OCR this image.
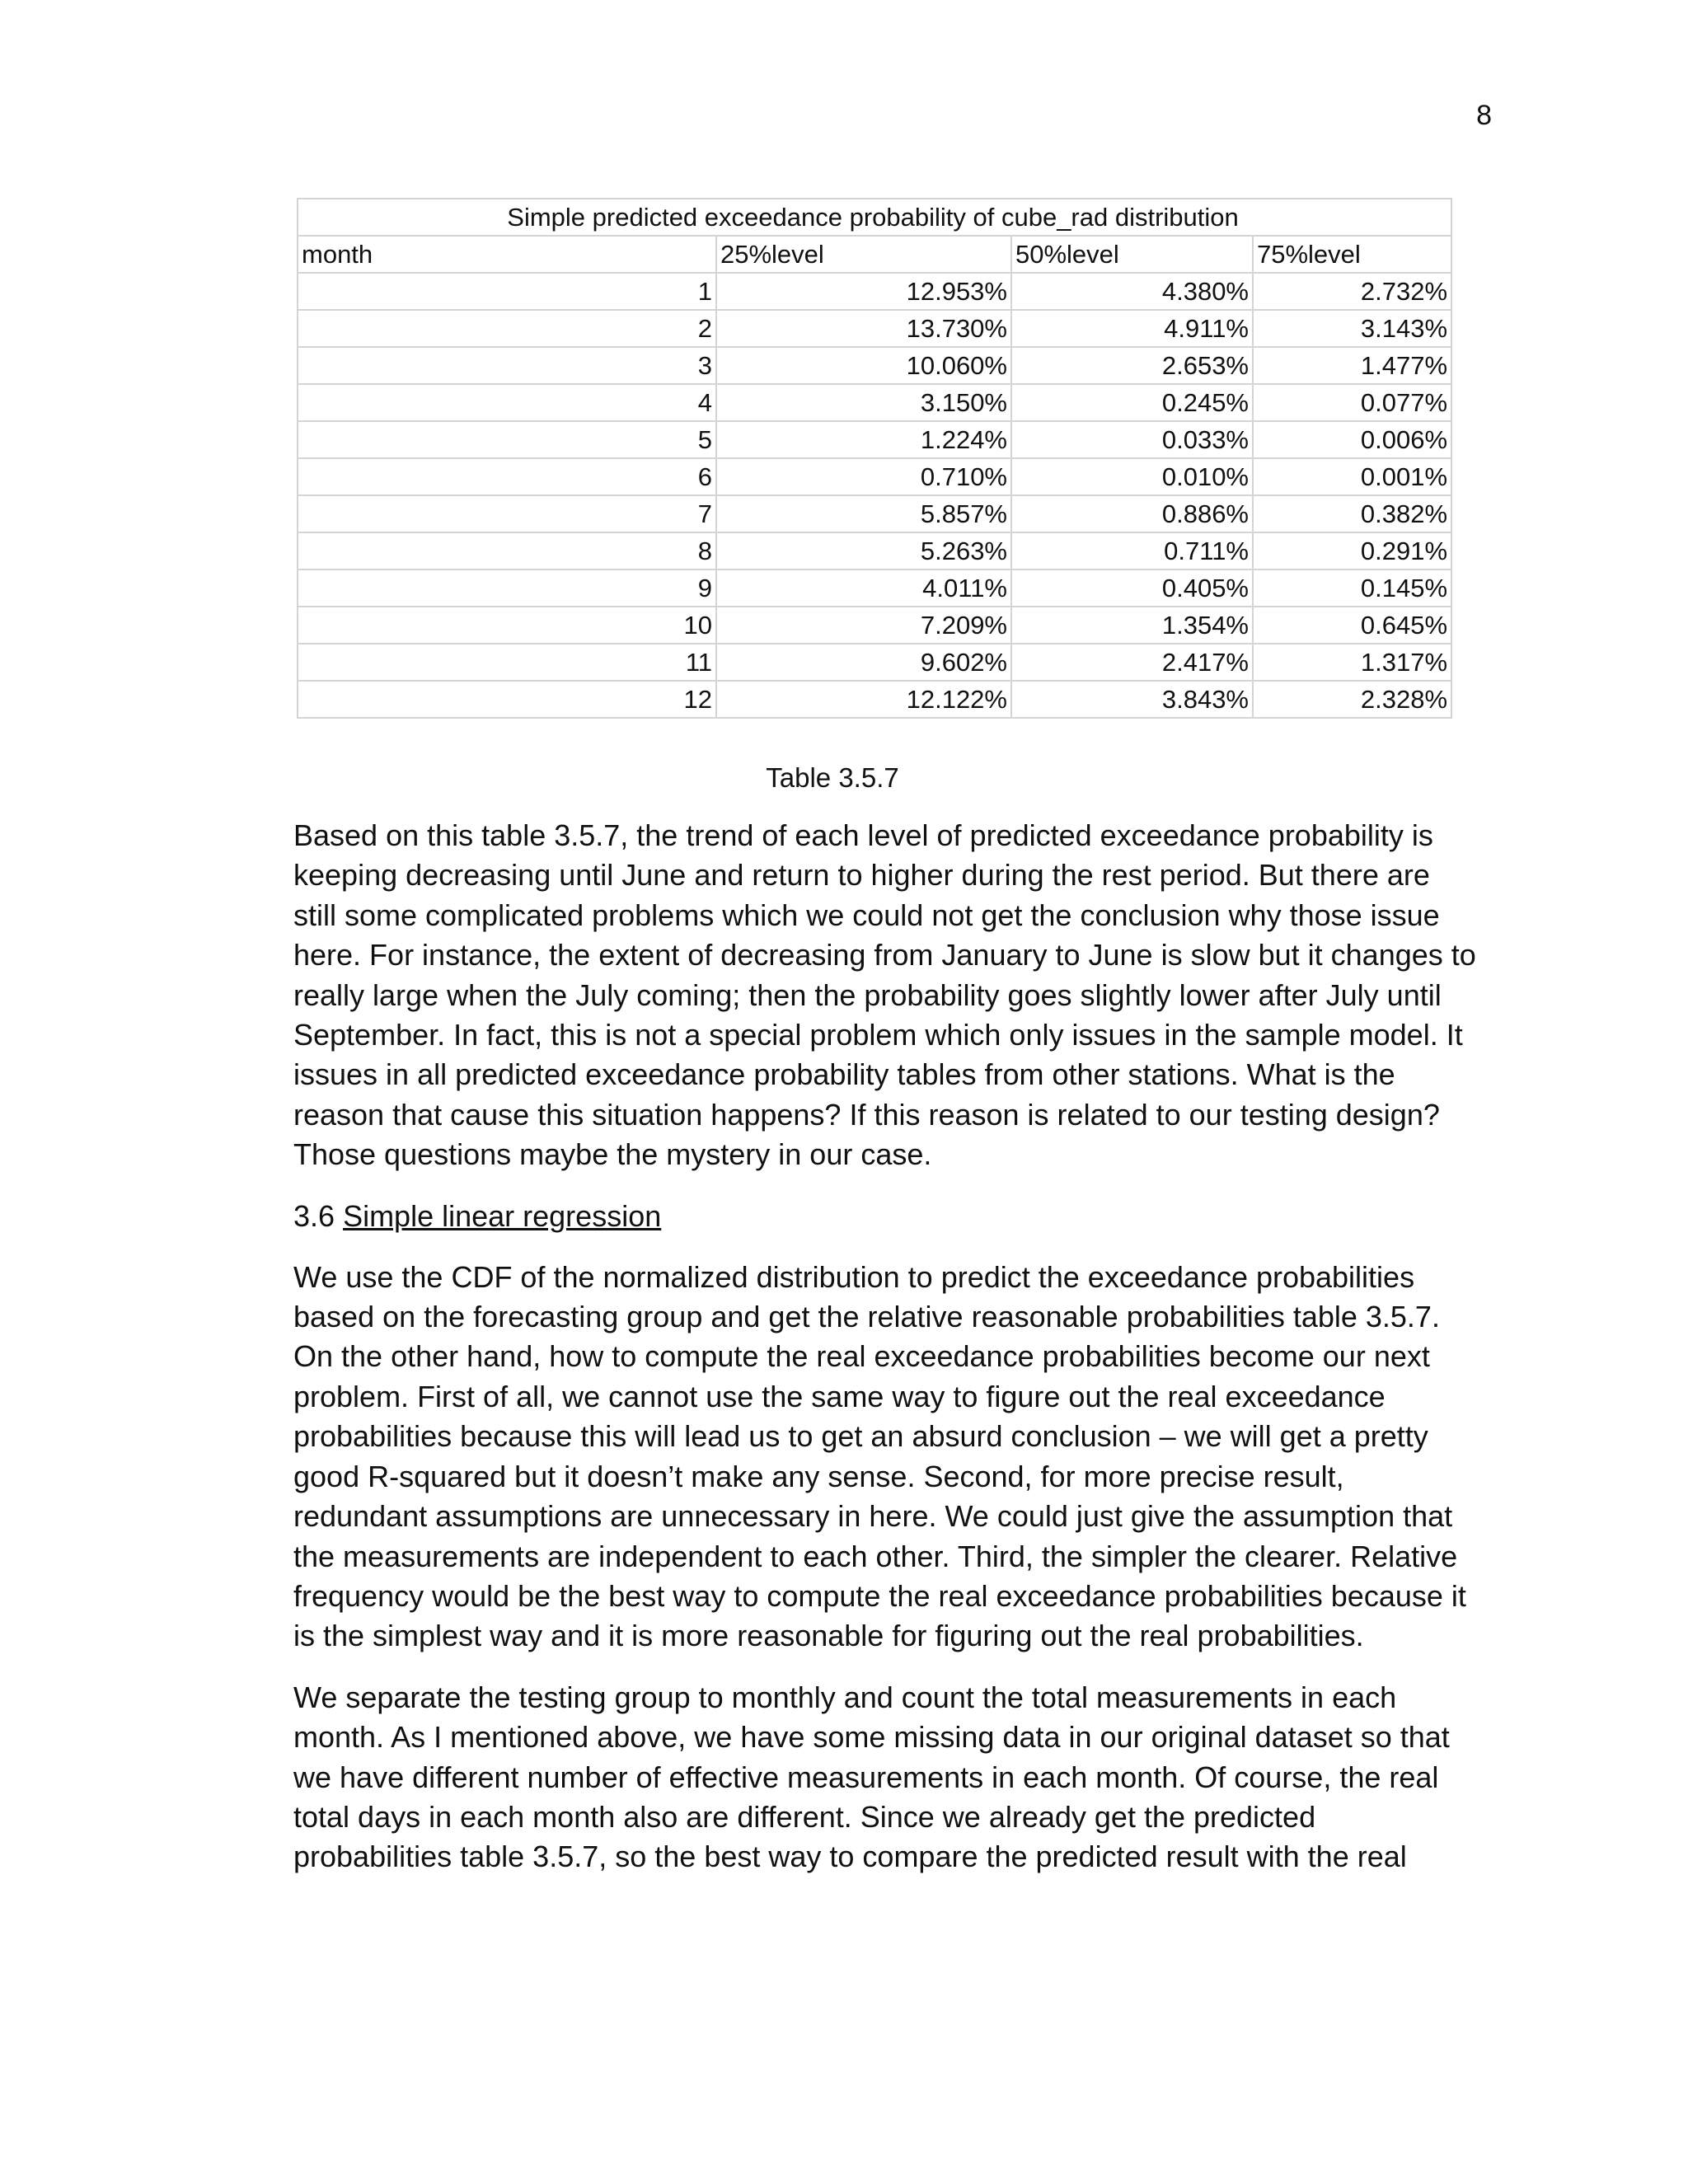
8
Simple predicted exceedance probability of cube_rad distribution			
month	25%level	50%level	75%level
1	12.953%	4.380%	2.732%
2	13.730%	4.911%	3.143%
3	10.060%	2.653%	1.477%
4	3.150%	0.245%	0.077%
5	1.224%	0.033%	0.006%
6	0.710%	0.010%	0.001%
7	5.857%	0.886%	0.382%
8	5.263%	0.711%	0.291%
9	4.011%	0.405%	0.145%
10	7.209%	1.354%	0.645%
11	9.602%	2.417%	1.317%
12	12.122%	3.843%	2.328%
Table 3.5.7

Based on this table 3.5.7, the trend of each level of predicted exceedance probability is keeping decreasing until June and return to higher during the rest period. But there are still some complicated problems which we could not get the conclusion why those issue here. For instance, the extent of decreasing from January to June is slow but it changes to really large when the July coming; then the probability goes slightly lower after July until September. In fact, this is not a special problem which only issues in the sample model. It issues in all predicted exceedance probability tables from other stations. What is the reason that cause this situation happens? If this reason is related to our testing design? Those questions maybe the mystery in our case.

3.6 Simple linear regression

We use the CDF of the normalized distribution to predict the exceedance probabilities based on the forecasting group and get the relative reasonable probabilities table 3.5.7. On the other hand, how to compute the real exceedance probabilities become our next problem. First of all, we cannot use the same way to figure out the real exceedance probabilities because this will lead us to get an absurd conclusion – we will get a pretty good R-squared but it doesn’t make any sense. Second, for more precise result, redundant assumptions are unnecessary in here. We could just give the assumption that the measurements are independent to each other. Third, the simpler the clearer. Relative frequency would be the best way to compute the real exceedance probabilities because it is the simplest way and it is more reasonable for figuring out the real probabilities.

We separate the testing group to monthly and count the total measurements in each month. As I mentioned above, we have some missing data in our original dataset so that we have different number of effective measurements in each month. Of course, the real total days in each month also are different. Since we already get the predicted probabilities table 3.5.7, so the best way to compare the predicted result with the real
